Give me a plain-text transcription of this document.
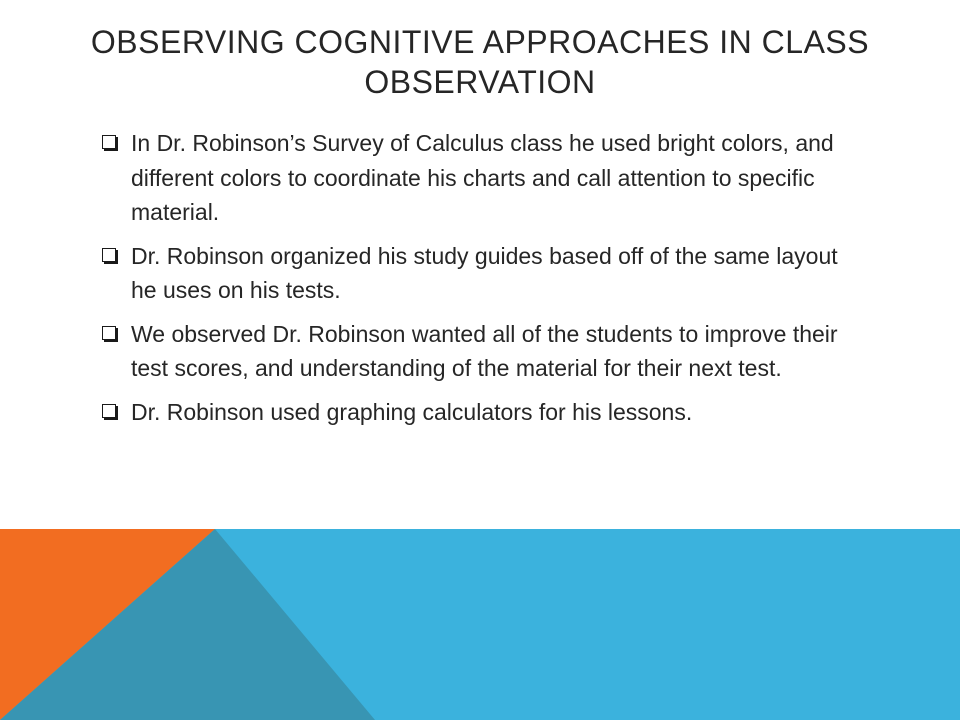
OBSERVING COGNITIVE APPROACHES IN CLASS OBSERVATION
In Dr. Robinson’s Survey of Calculus class he used bright colors, and different colors to coordinate his charts and call attention to specific material.
Dr. Robinson organized his study guides based off of the same layout he uses on his tests.
We observed Dr. Robinson wanted all of the students to improve their test scores, and understanding of the material for their next test.
Dr. Robinson used graphing calculators for his lessons.
